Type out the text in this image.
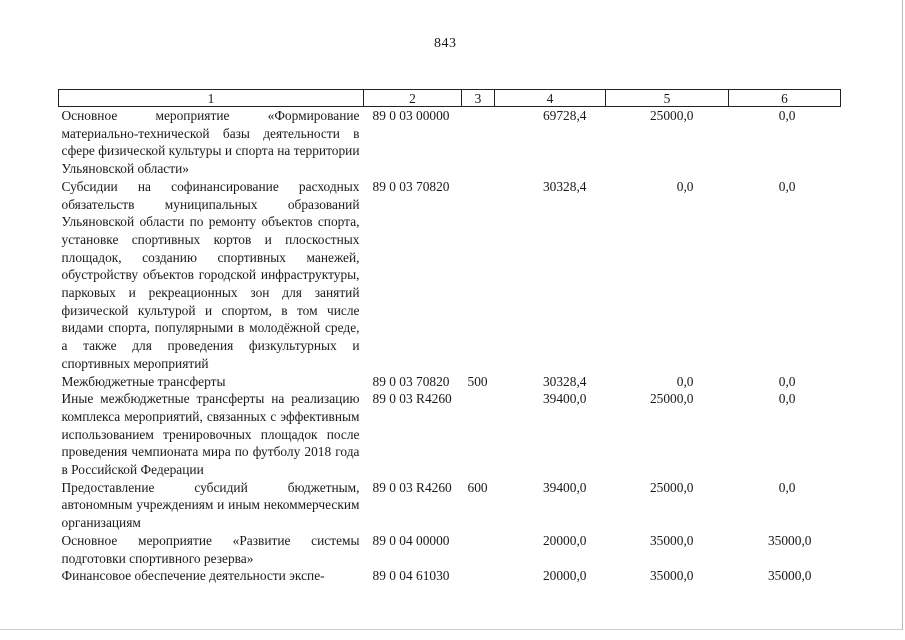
843
1	2	3	4	5	6
Основное мероприятие «Формирование материально-технической базы деятельности в сфере физической культуры и спорта на территории Ульяновской области»	89 0 03 00000		69728,4	25000,0	0,0
Субсидии на софинансирование расходных обязательств муниципальных образований Ульяновской области по ремонту объектов спорта, установке спортивных кортов и плоскостных площадок, созданию спортивных манежей, обустройству объектов городской инфраструктуры, парковых и рекреационных зон для занятий физической культурой и спортом, в том числе видами спорта, популярными в молодёжной среде, а также для проведения физкультурных и спортивных мероприятий	89 0 03 70820		30328,4	0,0	0,0
Межбюджетные трансферты	89 0 03 70820	500	30328,4	0,0	0,0
Иные межбюджетные трансферты на реализацию комплекса мероприятий, связанных с эффективным использованием тренировочных площадок после проведения чемпионата мира по футболу 2018 года в Российской Федерации	89 0 03 R4260		39400,0	25000,0	0,0
Предоставление субсидий бюджетным, автономным учреждениям и иным некоммерческим организациям	89 0 03 R4260	600	39400,0	25000,0	0,0
Основное мероприятие «Развитие системы подготовки спортивного резерва»	89 0 04 00000		20000,0	35000,0	35000,0
Финансовое обеспечение деятельности экспе-	89 0 04 61030		20000,0	35000,0	35000,0
